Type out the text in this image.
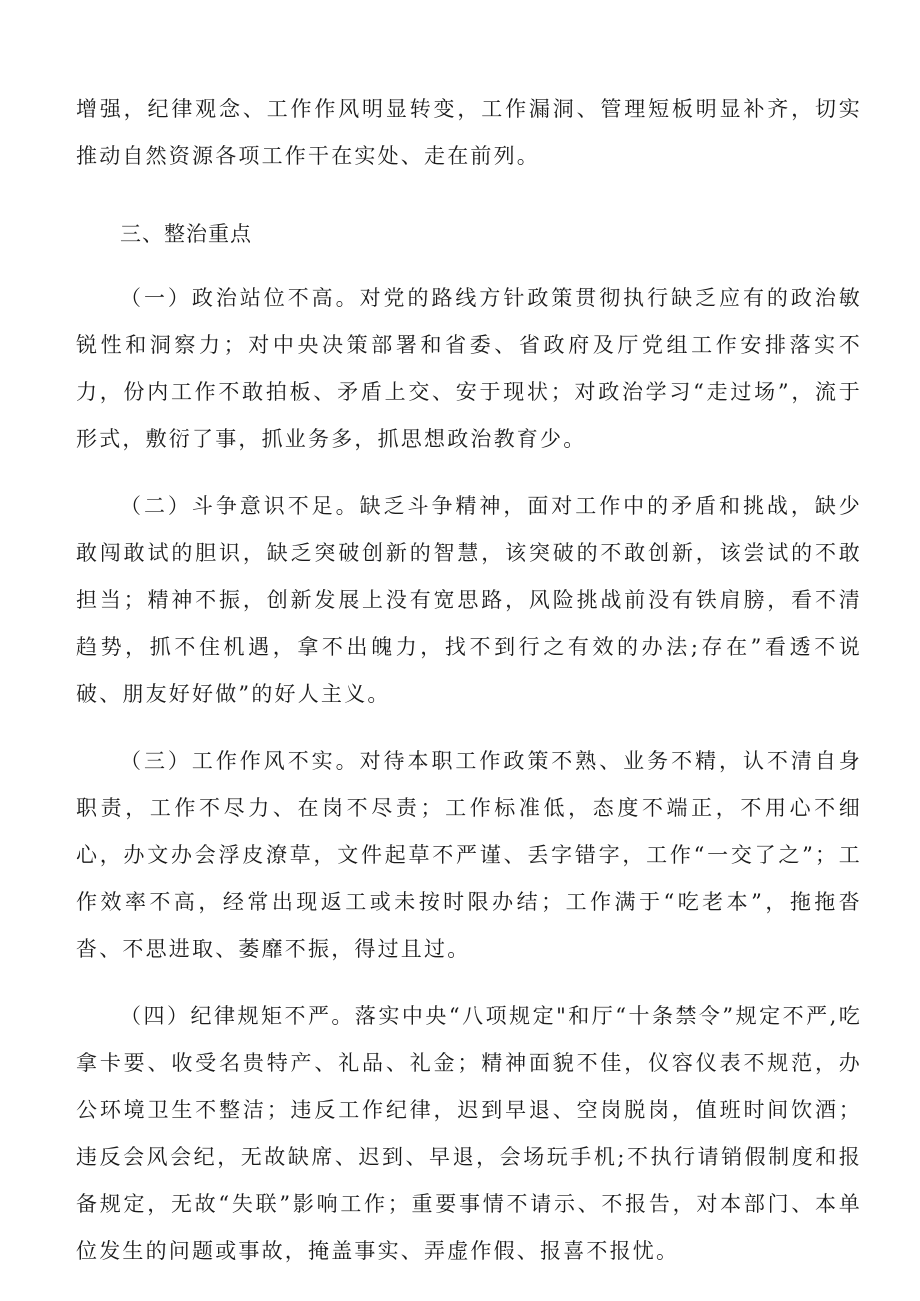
增强，纪律观念、工作作风明显转变，工作漏洞、管理短板明显补齐，切实推动自然资源各项工作干在实处、走在前列。

三、整治重点

（一）政治站位不高。对党的路线方针政策贯彻执行缺乏应有的政治敏锐性和洞察力；对中央决策部署和省委、省政府及厅党组工作安排落实不力，份内工作不敢拍板、矛盾上交、安于现状；对政治学习“走过场”，流于形式，敷衍了事，抓业务多，抓思想政治教育少。

（二）斗争意识不足。缺乏斗争精神，面对工作中的矛盾和挑战，缺少敢闯敢试的胆识，缺乏突破创新的智慧，该突破的不敢创新，该尝试的不敢担当；精神不振，创新发展上没有宽思路，风险挑战前没有铁肩膀，看不清趋势，抓不住机遇，拿不出魄力，找不到行之有效的办法;存在”看透不说破、朋友好好做”的好人主义。

（三）工作作风不实。对待本职工作政策不熟、业务不精，认不清自身职责，工作不尽力、在岗不尽责；工作标准低，态度不端正，不用心不细心，办文办会浮皮潦草，文件起草不严谨、丢字错字，工作“一交了之”；工作效率不高，经常出现返工或未按时限办结；工作满于“吃老本”，拖拖沓沓、不思进取、萎靡不振，得过且过。

（四）纪律规矩不严。落实中央“八项规定"和厅“十条禁令”规定不严,吃拿卡要、收受名贵特产、礼品、礼金；精神面貌不佳，仪容仪表不规范，办公环境卫生不整洁；违反工作纪律，迟到早退、空岗脱岗，值班时间饮酒；违反会风会纪，无故缺席、迟到、早退，会场玩手机;不执行请销假制度和报备规定，无故“失联”影响工作；重要事情不请示、不报告，对本部门、本单位发生的问题或事故，掩盖事实、弄虚作假、报喜不报忧。
